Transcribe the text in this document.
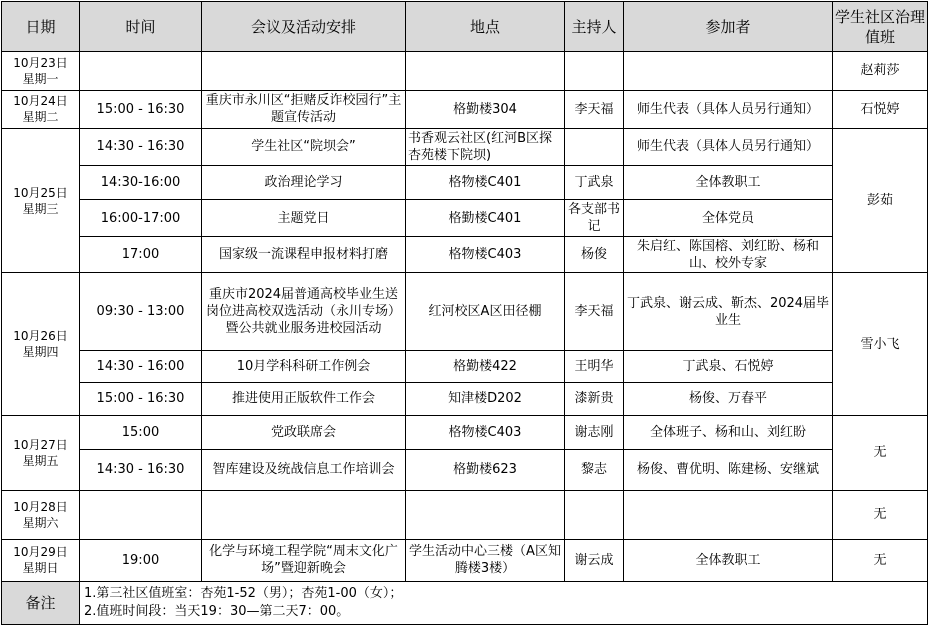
日期	时间	会议及活动安排	地点	主持人	参加者	学生社区治理值班

10月23日
星期一						赵莉莎

10月24日
星期二	15:00 - 16:30	重庆市永川区“拒赌反诈校园行”主题宣传活动	格勤楼304	李天福	师生代表（具体人员另行通知）	石悦婷

10月25日
星期三	14:30 - 16:30	学生社区“院坝会”	书香观云社区(红河B区探杏苑楼下院坝)		师生代表（具体人员另行通知）	彭茹
	14:30-16:00	政治理论学习	格物楼C401	丁武泉	全体教职工	
	16:00-17:00	主题党日	格勤楼C401	各支部书记	全体党员	
	17:00	国家级一流课程申报材料打磨	格物楼C403	杨俊	朱启红、陈国榕、刘红盼、杨和山、校外专家	

10月26日
星期四	09:30 - 13:00	重庆市2024届普通高校毕业生送岗位进高校双选活动（永川专场）暨公共就业服务进校园活动	红河校区A区田径棚	李天福	丁武泉、谢云成、靳杰、2024届毕业生	雪小飞
	14:30 - 16:00	10月学科科研工作例会	格勤楼422	王明华	丁武泉、石悦婷	
	15:00 - 16:30	推进使用正版软件工作会	知津楼D202	漆新贵	杨俊、万春平	

10月27日
星期五	15:00	党政联席会	格物楼C403	谢志刚	全体班子、杨和山、刘红盼	无
	14:30 - 16:30	智库建设及统战信息工作培训会	格勤楼623	黎志	杨俊、曹优明、陈建杨、安继斌	

10月28日
星期六						无

10月29日
星期日	19:00	化学与环境工程学院“周末文化广场”暨迎新晚会	学生活动中心三楼（A区知腾楼3楼）	谢云成	全体教职工	无
备注	1.第三社区值班室：杏苑1-52（男）；杏苑1-00（女）；
2.值班时间段：当天19：30—第二天7：00。					
